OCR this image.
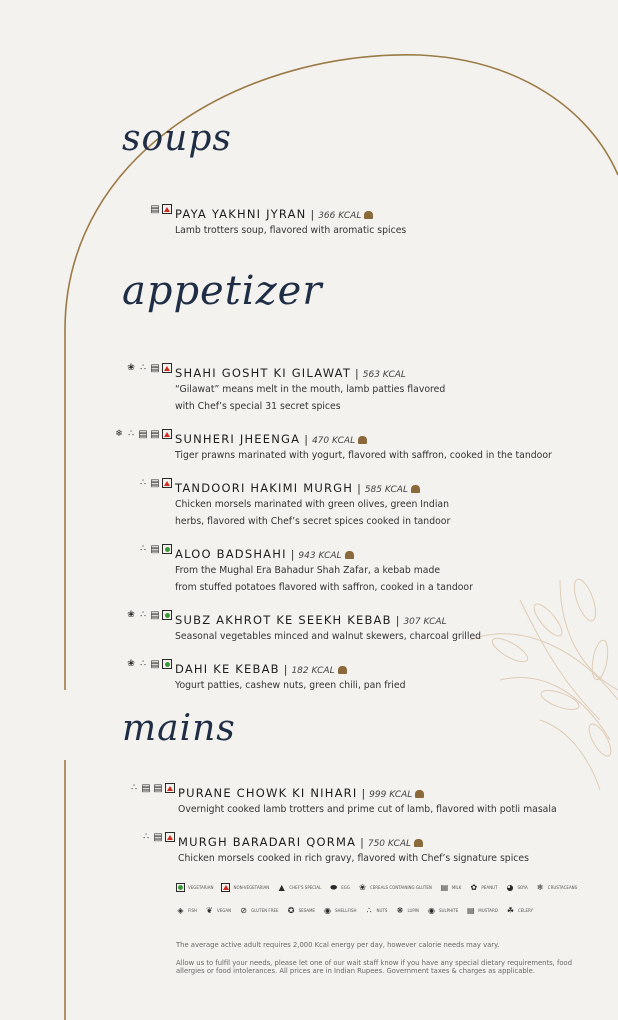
soups
appetizer
mains
▤ PAYA YAKHNI JYRAN | 366 KCAL
Lamb trotters soup, flavored with aromatic spices
❀ ∴ ▤ SHAHI GOSHT KI GILAWAT | 563 KCAL
“Gilawat” means melt in the mouth, lamb patties flavored
with Chef’s special 31 secret spices
❄ ∴ ▤ ▤ SUNHERI JHEENGA | 470 KCAL
Tiger prawns marinated with yogurt, flavored with saffron, cooked in the tandoor
∴ ▤ TANDOORI HAKIMI MURGH | 585 KCAL
Chicken morsels marinated with green olives, green Indian
herbs, flavored with Chef’s secret spices cooked in tandoor
∴ ▤ ALOO BADSHAHI | 943 KCAL
From the Mughal Era Bahadur Shah Zafar, a kebab made
from stuffed potatoes flavored with saffron, cooked in a tandoor
❀ ∴ ▤ SUBZ AKHROT KE SEEKH KEBAB | 307 KCAL
Seasonal vegetables minced and walnut skewers, charcoal grilled
❀ ∴ ▤ DAHI KE KEBAB | 182 KCAL
Yogurt patties, cashew nuts, green chili, pan fried
∴ ▤ ▤ PURANE CHOWK KI NIHARI | 999 KCAL
Overnight cooked lamb trotters and prime cut of lamb, flavored with potli masala
∴ ▤ MURGH BARADARI QORMA | 750 KCAL
Chicken morsels cooked in rich gravy, flavored with Chef’s signature spices
VEGETARIAN	NON-VEGETARIAN ▲	CHEF'S SPECIAL ⬬ EGG ❀ CEREALS CONTAINING GLUTEN ▤ MILK ✿ PEANUT ◕ SOYA ❄ CRUSTACEANS
◈	FISH ❦ VEGAN ⊘ GLUTEN FREE ✪ SESAME ◉ SHELLFISH ∴	NUTS ❋ LUPIN ◉ SULPHITE ▤ MUSTARD ☘ CELERY
The average active adult requires 2,000 Kcal energy per day, however calorie needs may vary.
Allow us to fulfil your needs, please let one of our wait staff know if you have any special dietary requirements, food allergies or food intolerances. All prices are in Indian Rupees. Government taxes & charges as applicable.
